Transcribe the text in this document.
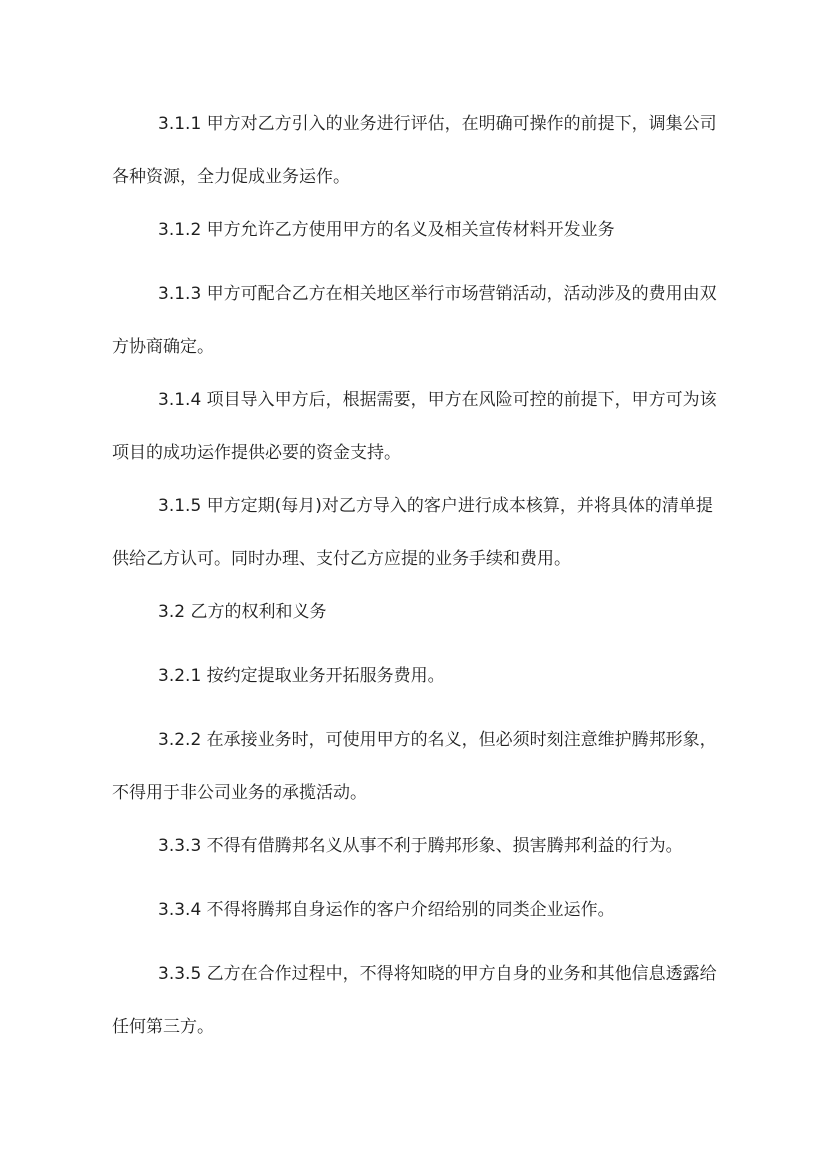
3.1.1 甲方对乙方引入的业务进行评估，在明确可操作的前提下，调集公司各种资源，全力促成业务运作。

3.1.2 甲方允许乙方使用甲方的名义及相关宣传材料开发业务

3.1.3 甲方可配合乙方在相关地区举行市场营销活动，活动涉及的费用由双方协商确定。

3.1.4 项目导入甲方后，根据需要，甲方在风险可控的前提下，甲方可为该项目的成功运作提供必要的资金支持。

3.1.5 甲方定期(每月)对乙方导入的客户进行成本核算，并将具体的清单提供给乙方认可。同时办理、支付乙方应提的业务手续和费用。

3.2 乙方的权利和义务

3.2.1 按约定提取业务开拓服务费用。

3.2.2 在承接业务时，可使用甲方的名义，但必须时刻注意维护腾邦形象，不得用于非公司业务的承揽活动。

3.3.3 不得有借腾邦名义从事不利于腾邦形象、损害腾邦利益的行为。

3.3.4 不得将腾邦自身运作的客户介绍给别的同类企业运作。

3.3.5 乙方在合作过程中，不得将知晓的甲方自身的业务和其他信息透露给任何第三方。
